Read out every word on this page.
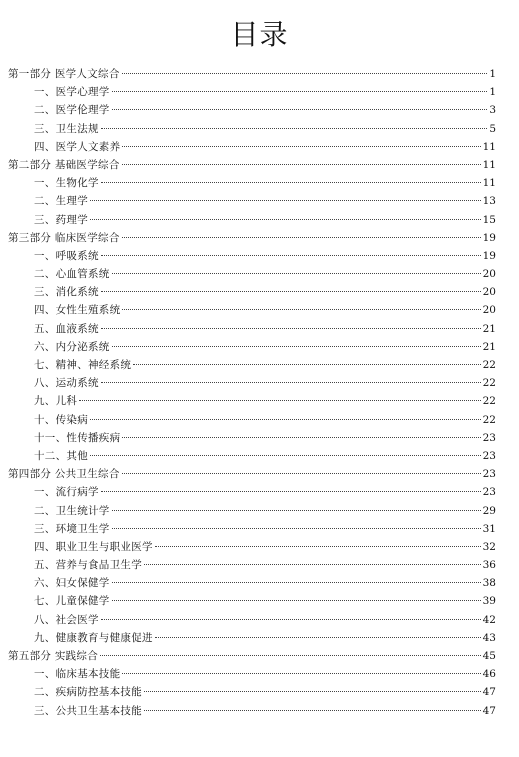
目录
第一部分 医学人文综合	1
一、医学心理学	1
二、医学伦理学	3
三、卫生法规	5
四、医学人文素养	11
第二部分 基础医学综合	11
一、生物化学	11
二、生理学	13
三、药理学	15
第三部分 临床医学综合	19
一、呼吸系统	19
二、心血管系统	20
三、消化系统	20
四、女性生殖系统	20
五、血液系统	21
六、内分泌系统	21
七、精神、神经系统	22
八、运动系统	22
九、儿科	22
十、传染病	22
十一、性传播疾病	23
十二、其他	23
第四部分 公共卫生综合	23
一、流行病学	23
二、卫生统计学	29
三、环境卫生学	31
四、职业卫生与职业医学	32
五、营养与食品卫生学	36
六、妇女保健学	38
七、儿童保健学	39
八、社会医学	42
九、健康教育与健康促进	43
第五部分 实践综合	45
一、临床基本技能	46
二、疾病防控基本技能	47
三、公共卫生基本技能	47
